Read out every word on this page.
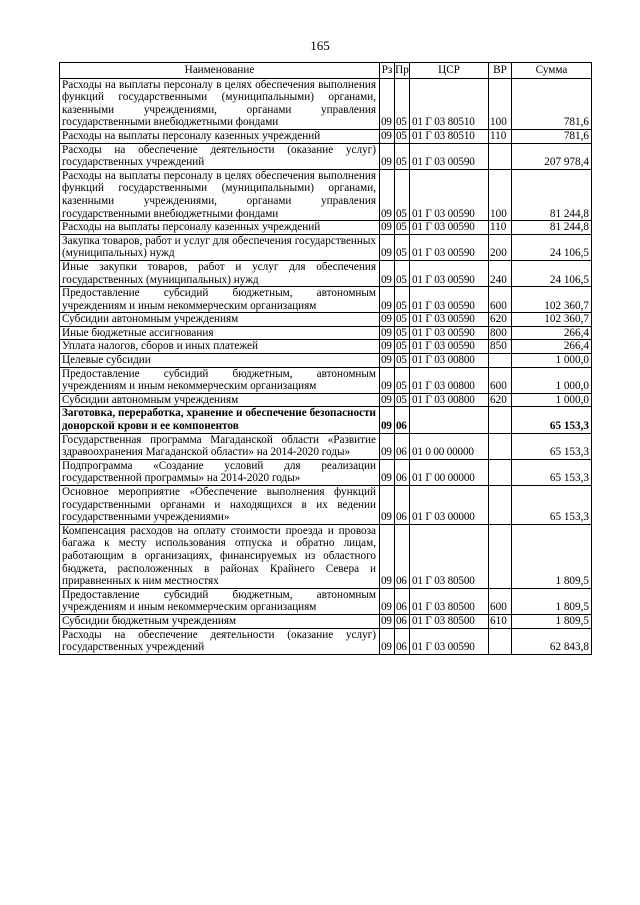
165
Наименование	Рз	Пр	ЦСР	ВР	Сумма
Расходы на выплаты персоналу в целях обеспечения выполнения функций государственными (муниципальными) органами, казенными учреждениями, органами управления государственными внебюджетными фондами	09	05	01 Г 03 80510	100	781,6
Расходы на выплаты персоналу казенных учреждений	09	05	01 Г 03 80510	110	781,6
Расходы на обеспечение деятельности (оказание услуг) государственных учреждений	09	05	01 Г 03 00590		207 978,4
Расходы на выплаты персоналу в целях обеспечения выполнения функций государственными (муниципальными) органами, казенными учреждениями, органами управления государственными внебюджетными фондами	09	05	01 Г 03 00590	100	81 244,8
Расходы на выплаты персоналу казенных учреждений	09	05	01 Г 03 00590	110	81 244,8
Закупка товаров, работ и услуг для обеспечения государственных (муниципальных) нужд	09	05	01 Г 03 00590	200	24 106,5
Иные закупки товаров, работ и услуг для обеспечения государственных (муниципальных) нужд	09	05	01 Г 03 00590	240	24 106,5
Предоставление субсидий бюджетным, автономным учреждениям и иным некоммерческим организациям	09	05	01 Г 03 00590	600	102 360,7
Субсидии автономным учреждениям	09	05	01 Г 03 00590	620	102 360,7
Иные бюджетные ассигнования	09	05	01 Г 03 00590	800	266,4
Уплата налогов, сборов и иных платежей	09	05	01 Г 03 00590	850	266,4
Целевые субсидии	09	05	01 Г 03 00800		1 000,0
Предоставление субсидий бюджетным, автономным учреждениям и иным некоммерческим организациям	09	05	01 Г 03 00800	600	1 000,0
Субсидии автономным учреждениям	09	05	01 Г 03 00800	620	1 000,0
Заготовка, переработка, хранение и обеспечение безопасности донорской крови и ее компонентов	09	06			65 153,3
Государственная программа Магаданской области «Развитие здравоохранения Магаданской области» на 2014-2020 годы»	09	06	01 0 00 00000		65 153,3
Подпрограмма «Создание условий для реализации государственной программы» на 2014-2020 годы»	09	06	01 Г 00 00000		65 153,3
Основное мероприятие «Обеспечение выполнения функций государственными органами и находящихся в их ведении государственными учреждениями»	09	06	01 Г 03 00000		65 153,3
Компенсация расходов на оплату стоимости проезда и провоза багажа к месту использования отпуска и обратно лицам, работающим в организациях, финансируемых из областного бюджета, расположенных в районах Крайнего Севера и приравненных к ним местностях	09	06	01 Г 03 80500		1 809,5
Предоставление субсидий бюджетным, автономным учреждениям и иным некоммерческим организациям	09	06	01 Г 03 80500	600	1 809,5
Субсидии бюджетным учреждениям	09	06	01 Г 03 80500	610	1 809,5
Расходы на обеспечение деятельности (оказание услуг) государственных учреждений	09	06	01 Г 03 00590		62 843,8
